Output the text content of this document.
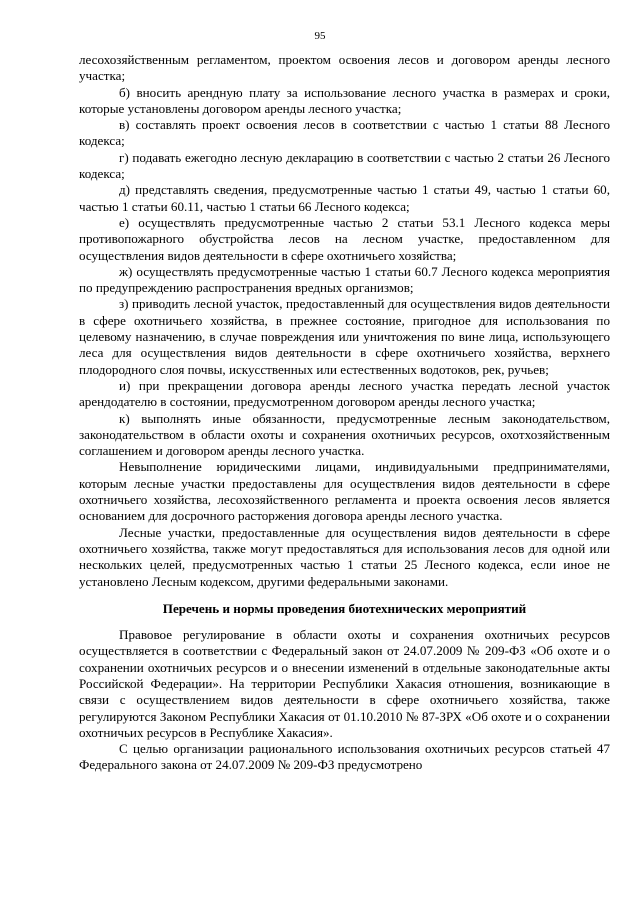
95

лесохозяйственным регламентом, проектом освоения лесов и договором аренды лесного участка;

б) вносить арендную плату за использование лесного участка в размерах и сроки, которые установлены договором аренды лесного участка;

в) составлять проект освоения лесов в соответствии с частью 1 статьи 88 Лесного кодекса;

г) подавать ежегодно лесную декларацию в соответствии с частью 2 статьи 26 Лесного кодекса;

д) представлять сведения, предусмотренные частью 1 статьи 49, частью 1 статьи 60, частью 1 статьи 60.11, частью 1 статьи 66 Лесного кодекса;

е) осуществлять предусмотренные частью 2 статьи 53.1 Лесного кодекса меры противопожарного обустройства лесов на лесном участке, предоставленном для осуществления видов деятельности в сфере охотничьего хозяйства;

ж) осуществлять предусмотренные частью 1 статьи 60.7 Лесного кодекса мероприятия по предупреждению распространения вредных организмов;

з) приводить лесной участок, предоставленный для осуществления видов деятельности в сфере охотничьего хозяйства, в прежнее состояние, пригодное для использования по целевому назначению, в случае повреждения или уничтожения по вине лица, использующего леса для осуществления видов деятельности в сфере охотничьего хозяйства, верхнего плодородного слоя почвы, искусственных или естественных водотоков, рек, ручьев;

и) при прекращении договора аренды лесного участка передать лесной участок арендодателю в состоянии, предусмотренном договором аренды лесного участка;

к) выполнять иные обязанности, предусмотренные лесным законодательством, законодательством в области охоты и сохранения охотничьих ресурсов, охотхозяйственным соглашением и договором аренды лесного участка.

Невыполнение юридическими лицами, индивидуальными предпринимателями, которым лесные участки предоставлены для осуществления видов деятельности в сфере охотничьего хозяйства, лесохозяйственного регламента и проекта освоения лесов является основанием для досрочного расторжения договора аренды лесного участка.

Лесные участки, предоставленные для осуществления видов деятельности в сфере охотничьего хозяйства, также могут предоставляться для использования лесов для одной или нескольких целей, предусмотренных частью 1 статьи 25 Лесного кодекса, если иное не установлено Лесным кодексом, другими федеральными законами.

Перечень и нормы проведения биотехнических мероприятий

Правовое регулирование в области охоты и сохранения охотничьих ресурсов осуществляется в соответствии с Федеральный закон от 24.07.2009 № 209-ФЗ «Об охоте и о сохранении охотничьих ресурсов и о внесении изменений в отдельные законодательные акты Российской Федерации». На территории Республики Хакасия отношения, возникающие в связи с осуществлением видов деятельности в сфере охотничьего хозяйства, также регулируются Законом Республики Хакасия от 01.10.2010 № 87-ЗРХ «Об охоте и о сохранении охотничьих ресурсов в Республике Хакасия».

С целью организации рационального использования охотничьих ресурсов статьей 47 Федерального закона от 24.07.2009 № 209-ФЗ предусмотрено
